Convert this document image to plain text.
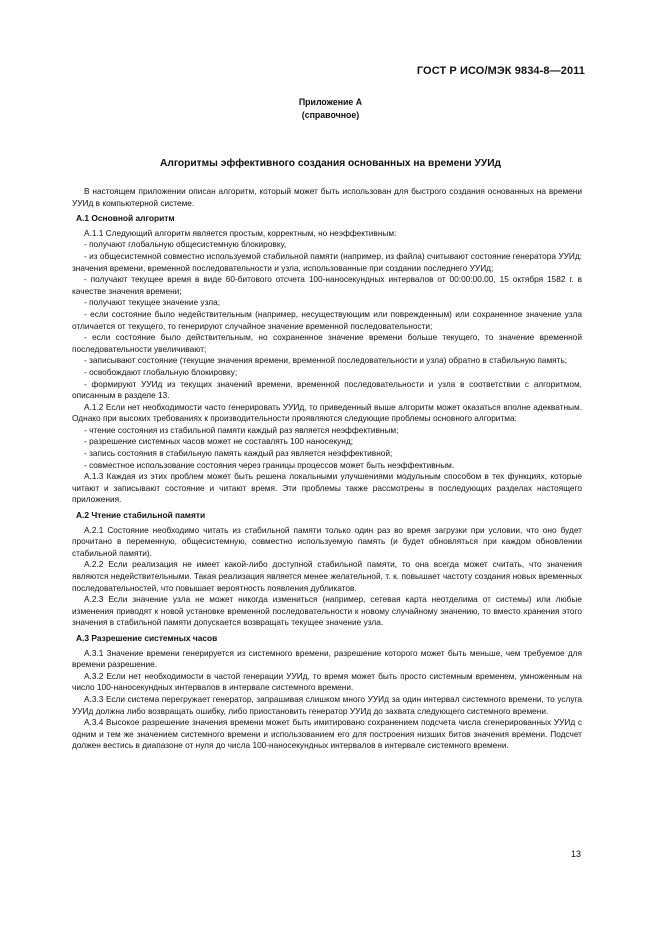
ГОСТ Р ИСО/МЭК 9834-8—2011
Приложение А
(справочное)
Алгоритмы эффективного создания основанных на времени УУИд

В настоящем приложении описан алгоритм, который может быть использован для быстрого создания основанных на времени УУИд в компьютерной системе.

А.1 Основной алгоритм

А.1.1 Следующий алгоритм является простым, корректным, но неэффективным:

- получают глобальную общесистемную блокировку,

- из общесистемной совместно используемой стабильной памяти (например, из файла) считывают состояние генератора УУИд: значения времени, временной последовательности и узла, использованные при создании последнего УУИд;

- получают текущее время в виде 60-битового отсчета 100-наносекундных интервалов от 00:00:00.00, 15 октября 1582 г. в качестве значения времени;

- получают текущее значение узла;

- если состояние было недействительным (например, несуществующим или поврежденным) или сохраненное значение узла отличается от текущего, то генерируют случайное значение временной последовательности;

- если состояние было действительным, но сохраненное значение времени больше текущего, то значение временной последовательности увеличивают;

- записывают состояние (текущие значения времени, временной последовательности и узла) обратно в стабильную память;

- освобождают глобальную блокировку;

- формируют УУИд из текущих значений времени, временной последовательности и узла в соответствии с алгоритмом, описанным в разделе 13.

А.1.2 Если нет необходимости часто генерировать УУИд, то приведенный выше алгоритм может оказаться вполне адекватным. Однако при высоких требованиях к производительности проявляются следующие проблемы основного алгоритма:

- чтение состояния из стабильной памяти каждый раз является неэффективным;

- разрешение системных часов может не составлять 100 наносекунд;

- запись состояния в стабильную память каждый раз является неэффективной;

- совместное использование состояния через границы процессов может быть неэффективным.

А.1.3 Каждая из этих проблем может быть решена локальными улучшениями модульным способом в тех функциях, которые читают и записывают состояние и читают время. Эти проблемы также рассмотрены в последующих разделах настоящего приложения.

А.2 Чтение стабильной памяти

А.2.1 Состояние необходимо читать из стабильной памяти только один раз во время загрузки при условии, что оно будет прочитано в переменную, общесистемную, совместно используемую память (и будет обновляться при каждом обновлении стабильной памяти).

А.2.2 Если реализация не имеет какой-либо доступной стабильной памяти, то она всегда может считать, что значения являются недействительными. Такая реализация является менее желательной, т. к. повышает частоту создания новых временных последовательностей, что повышает вероятность появления дубликатов.

А.2.3 Если значение узла не может никогда измениться (например, сетевая карта неотделима от системы) или любые изменения приводят к новой установке временной последовательности к новому случайному значению, то вместо хранения этого значения в стабильной памяти допускается возвращать текущее значение узла.

А.3 Разрешение системных часов

А.3.1 Значение времени генерируется из системного времени, разрешение которого может быть меньше, чем требуемое для времени разрешение.

А.3.2 Если нет необходимости в частой генерации УУИд, то время может быть просто системным временем, умноженным на число 100-наносекундных интервалов в интервале системного времени.

А.3.3 Если система перегружает генератор, запрашивая слишком много УУИд за один интервал системного времени, то услуга УУИд должна либо возвращать ошибку, либо приостановить генератор УУИд до захвата следующего системного времени.

А.3.4 Высокое разрешение значения времени может быть имитировано сохранением подсчета числа сгенерированных УУИд с одним и тем же значением системного времени и использованием его для построения низших битов значения времени. Подсчет должен вестись в диапазоне от нуля до числа 100-наносекундных интервалов в интервале системного времени.

13
